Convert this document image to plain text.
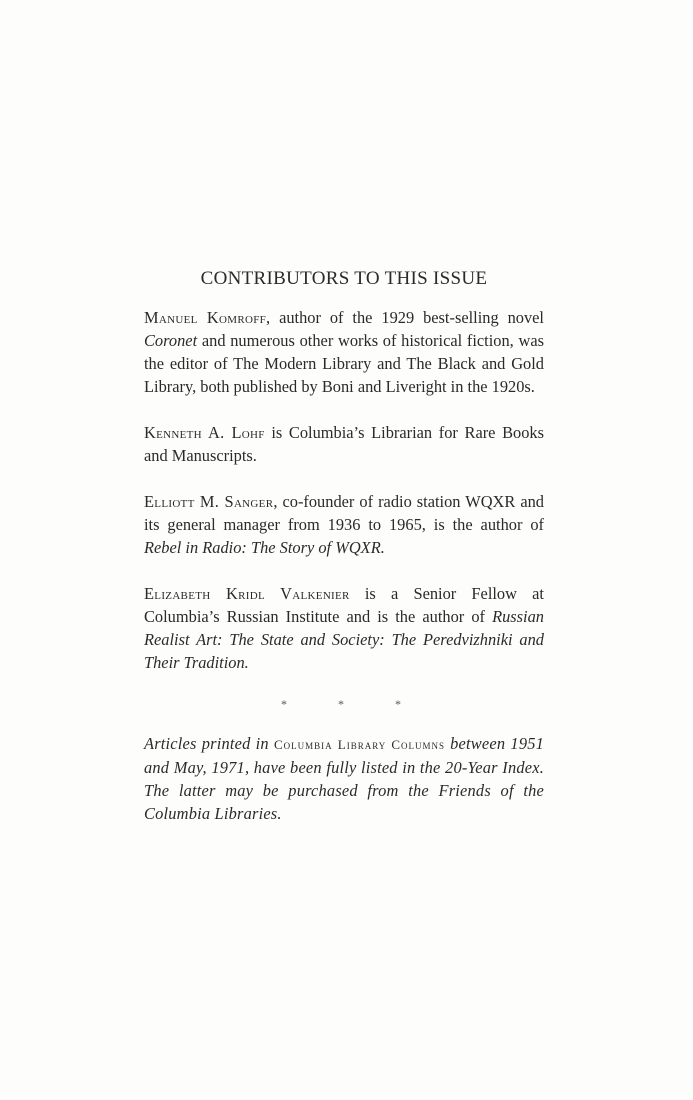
CONTRIBUTORS TO THIS ISSUE

Manuel Komroff, author of the 1929 best-selling novel Coronet and numerous other works of historical fiction, was the editor of The Modern Library and The Black and Gold Library, both published by Boni and Liveright in the 1920s.

Kenneth A. Lohf is Columbia’s Librarian for Rare Books and Manuscripts.

Elliott M. Sanger, co-founder of radio station WQXR and its general manager from 1936 to 1965, is the author of Rebel in Radio: The Story of WQXR.

Elizabeth Kridl Valkenier is a Senior Fellow at Columbia’s Russian Institute and is the author of Russian Realist Art: The State and Society: The Peredvizhniki and Their Tradition.

* * *

Articles printed in Columbia Library Columns between 1951 and May, 1971, have been fully listed in the 20-Year Index. The latter may be purchased from the Friends of the Columbia Libraries.
